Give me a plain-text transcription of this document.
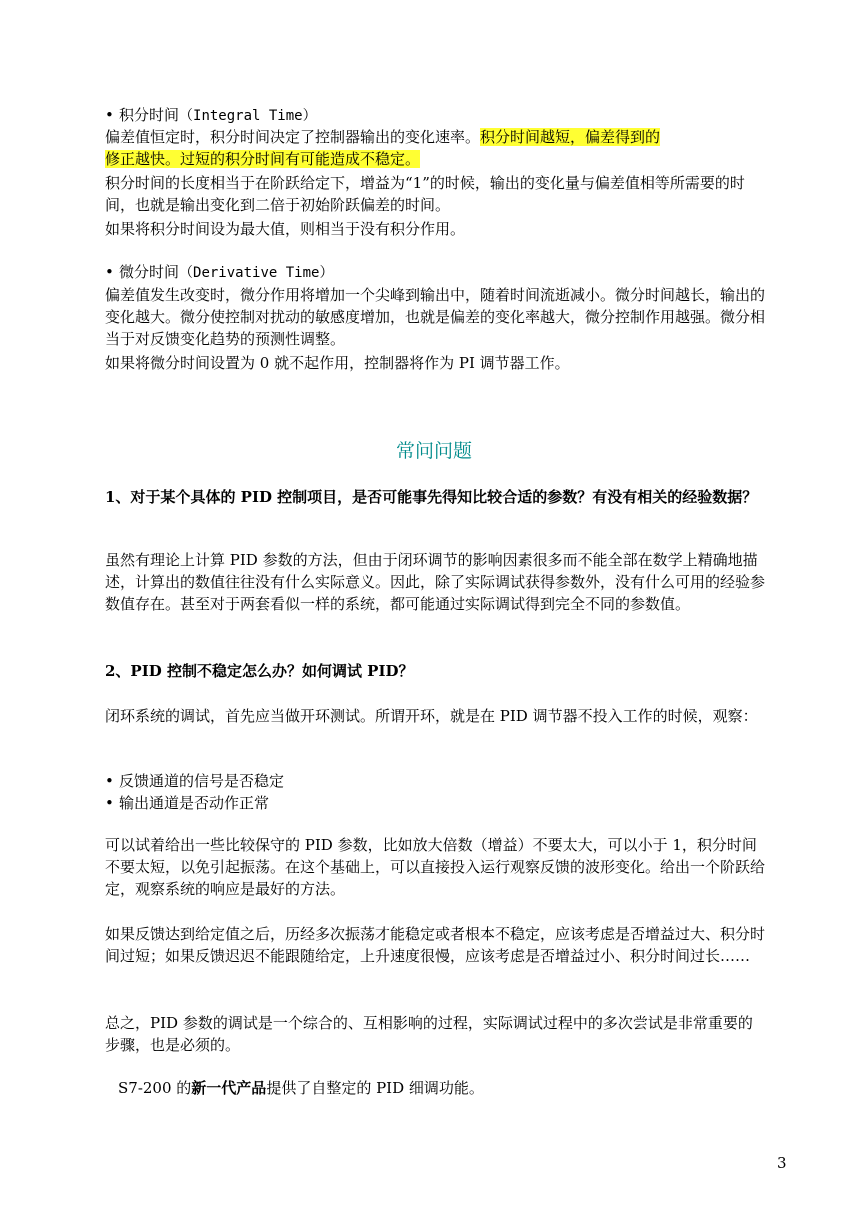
• 积分时间（Integral Time）
偏差值恒定时，积分时间决定了控制器输出的变化速率。积分时间越短，偏差得到的
修正越快。过短的积分时间有可能造成不稳定。
积分时间的长度相当于在阶跃给定下，增益为“1”的时候，输出的变化量与偏差值相等所需要的时间，也就是输出变化到二倍于初始阶跃偏差的时间。
如果将积分时间设为最大值，则相当于没有积分作用。
• 微分时间（Derivative Time）
偏差值发生改变时，微分作用将增加一个尖峰到输出中，随着时间流逝减小。微分时间越长，输出的变化越大。微分使控制对扰动的敏感度增加，也就是偏差的变化率越大，微分控制作用越强。微分相当于对反馈变化趋势的预测性调整。
如果将微分时间设置为 0 就不起作用，控制器将作为 PI 调节器工作。
常问问题
1、对于某个具体的 PID 控制项目，是否可能事先得知比较合适的参数？有没有相关的经验数据？
虽然有理论上计算 PID 参数的方法，但由于闭环调节的影响因素很多而不能全部在数学上精确地描述，计算出的数值往往没有什么实际意义。因此，除了实际调试获得参数外，没有什么可用的经验参数值存在。甚至对于两套看似一样的系统，都可能通过实际调试得到完全不同的参数值。
2、PID 控制不稳定怎么办？如何调试 PID？
闭环系统的调试，首先应当做开环测试。所谓开环，就是在 PID 调节器不投入工作的时候，观察：
• 反馈通道的信号是否稳定
• 输出通道是否动作正常
可以试着给出一些比较保守的 PID 参数，比如放大倍数（增益）不要太大，可以小于 1，积分时间不要太短，以免引起振荡。在这个基础上，可以直接投入运行观察反馈的波形变化。给出一个阶跃给定，观察系统的响应是最好的方法。
如果反馈达到给定值之后，历经多次振荡才能稳定或者根本不稳定，应该考虑是否增益过大、积分时间过短；如果反馈迟迟不能跟随给定，上升速度很慢，应该考虑是否增益过小、积分时间过长……
总之，PID 参数的调试是一个综合的、互相影响的过程，实际调试过程中的多次尝试是非常重要的步骤，也是必须的。
S7-200 的新一代产品提供了自整定的 PID 细调功能。
3
